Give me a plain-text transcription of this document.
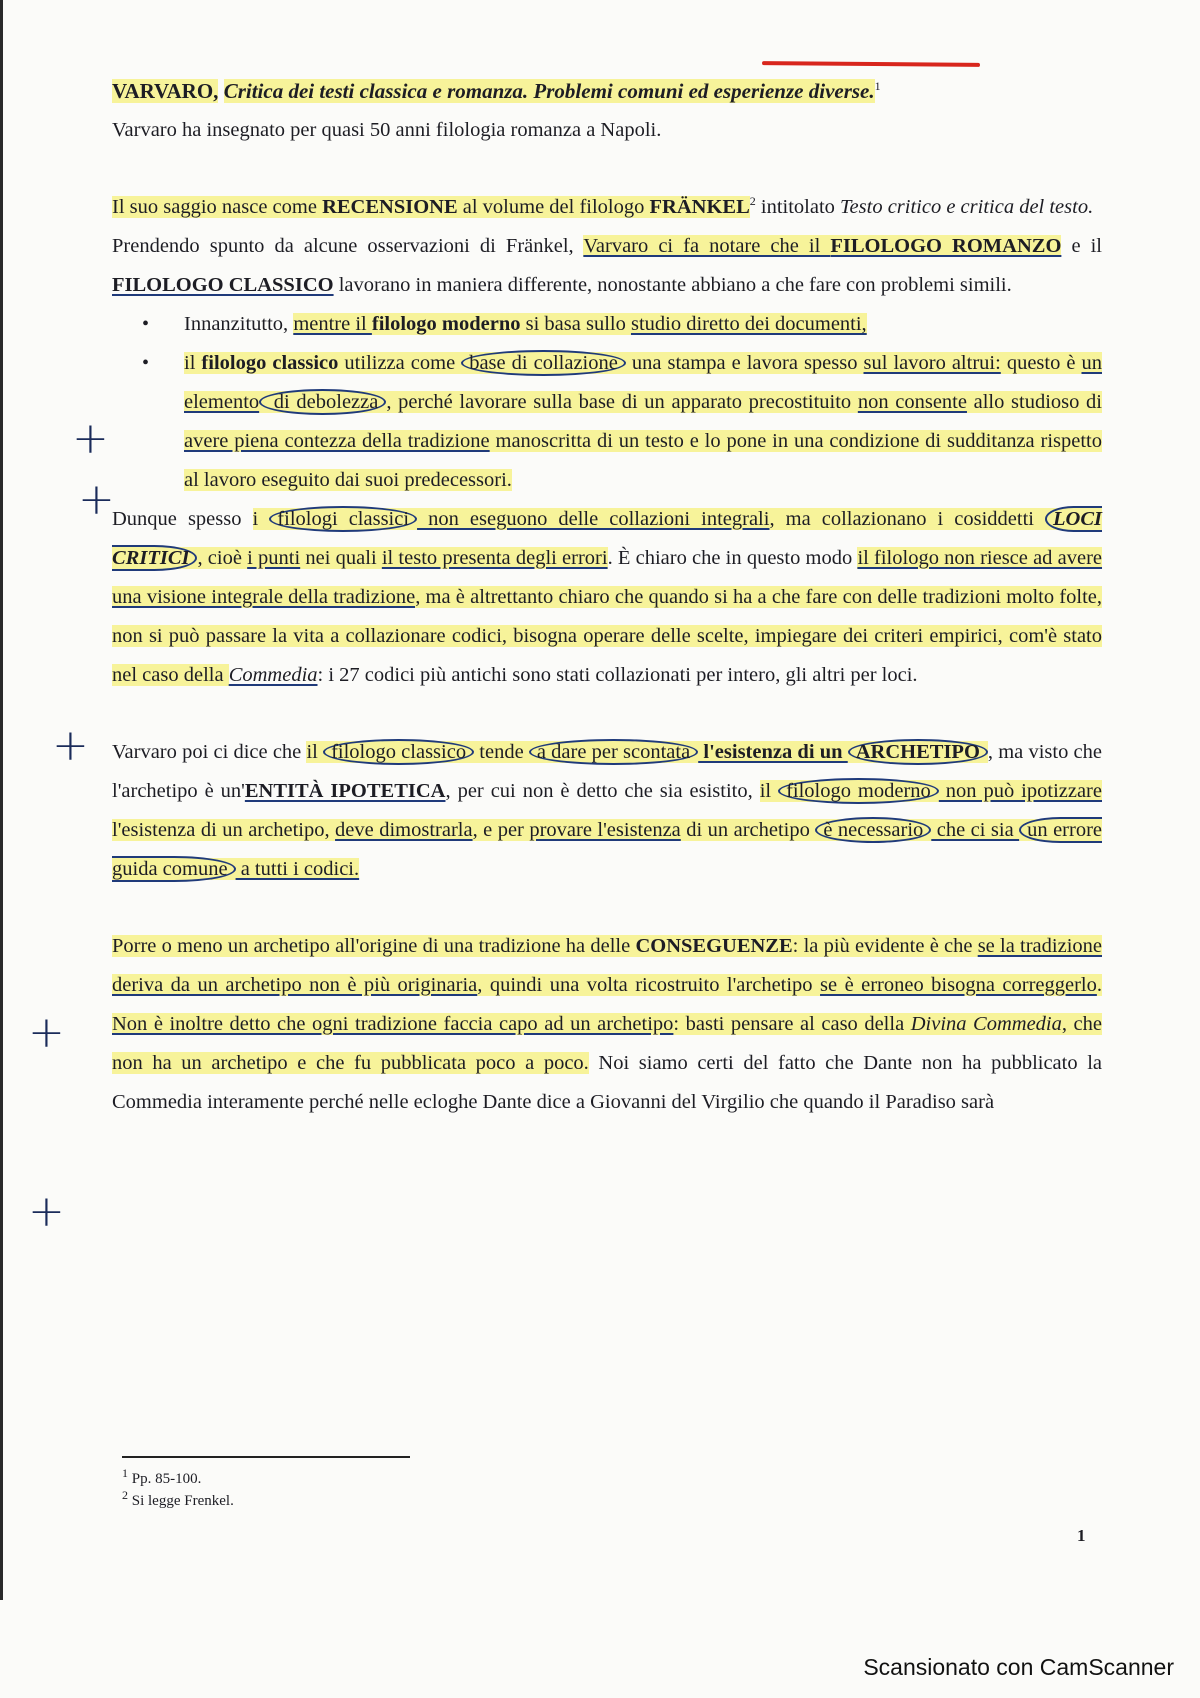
+
+
+
+
+

VARVARO, Critica dei testi classica e romanza. Problemi comuni ed esperienze diverse.$^1$

Varvaro ha insegnato per quasi 50 anni filologia romanza a Napoli.

Il suo saggio nasce come RECENSIONE al volume del filologo FRÄNKEL$^2$ intitolato Testo critico e critica del testo.

Prendendo spunto da alcune osservazioni di Fränkel, Varvaro ci fa notare che il FILOLOGO ROMANZO e il FILOLOGO CLASSICO lavorano in maniera differente, nonostante abbiano a che fare con problemi simili.

• Innanzitutto, mentre il filologo moderno si basa sullo studio diretto dei documenti,
• il filologo classico utilizza come base di collazione una stampa e lavora spesso sul lavoro altrui: questo è un elemento di debolezza , perché lavorare sulla base di un apparato precostituito non consente allo studioso di avere piena contezza della tradizione manoscritta di un testo e lo pone in una condizione di sudditanza rispetto al lavoro eseguito dai suoi predecessori.

Dunque spesso i filologi classici non eseguono delle collazioni integrali, ma collazionano i cosiddetti LOCI CRITICI , cioè i punti nei quali il testo presenta degli errori. È chiaro che in questo modo il filologo non riesce ad avere una visione integrale della tradizione, ma è altrettanto chiaro che quando si ha a che fare con delle tradizioni molto folte, non si può passare la vita a collazionare codici, bisogna operare delle scelte, impiegare dei criteri empirici, com'è stato nel caso della Commedia: i 27 codici più antichi sono stati collazionati per intero, gli altri per loci.

Varvaro poi ci dice che il filologo classico tende a dare per scontata l'esistenza di un ARCHETIPO , ma visto che l'archetipo è un'ENTITÀ IPOTETICA, per cui non è detto che sia esistito, il filologo moderno non può ipotizzare l'esistenza di un archetipo, deve dimostrarla, e per provare l'esistenza di un archetipo è necessario che ci sia un errore guida comune a tutti i codici.

Porre o meno un archetipo all'origine di una tradizione ha delle CONSEGUENZE: la più evidente è che se la tradizione deriva da un archetipo non è più originaria, quindi una volta ricostruito l'archetipo se è erroneo bisogna correggerlo. Non è inoltre detto che ogni tradizione faccia capo ad un archetipo: basti pensare al caso della Divina Commedia, che non ha un archetipo e che fu pubblicata poco a poco. Noi siamo certi del fatto che Dante non ha pubblicato la Commedia interamente perché nelle ecloghe Dante dice a Giovanni del Virgilio che quando il Paradiso sarà

$^1$ Pp. 85-100.
$^2$ Si legge Frenkel.
1
Scansionato con CamScanner
